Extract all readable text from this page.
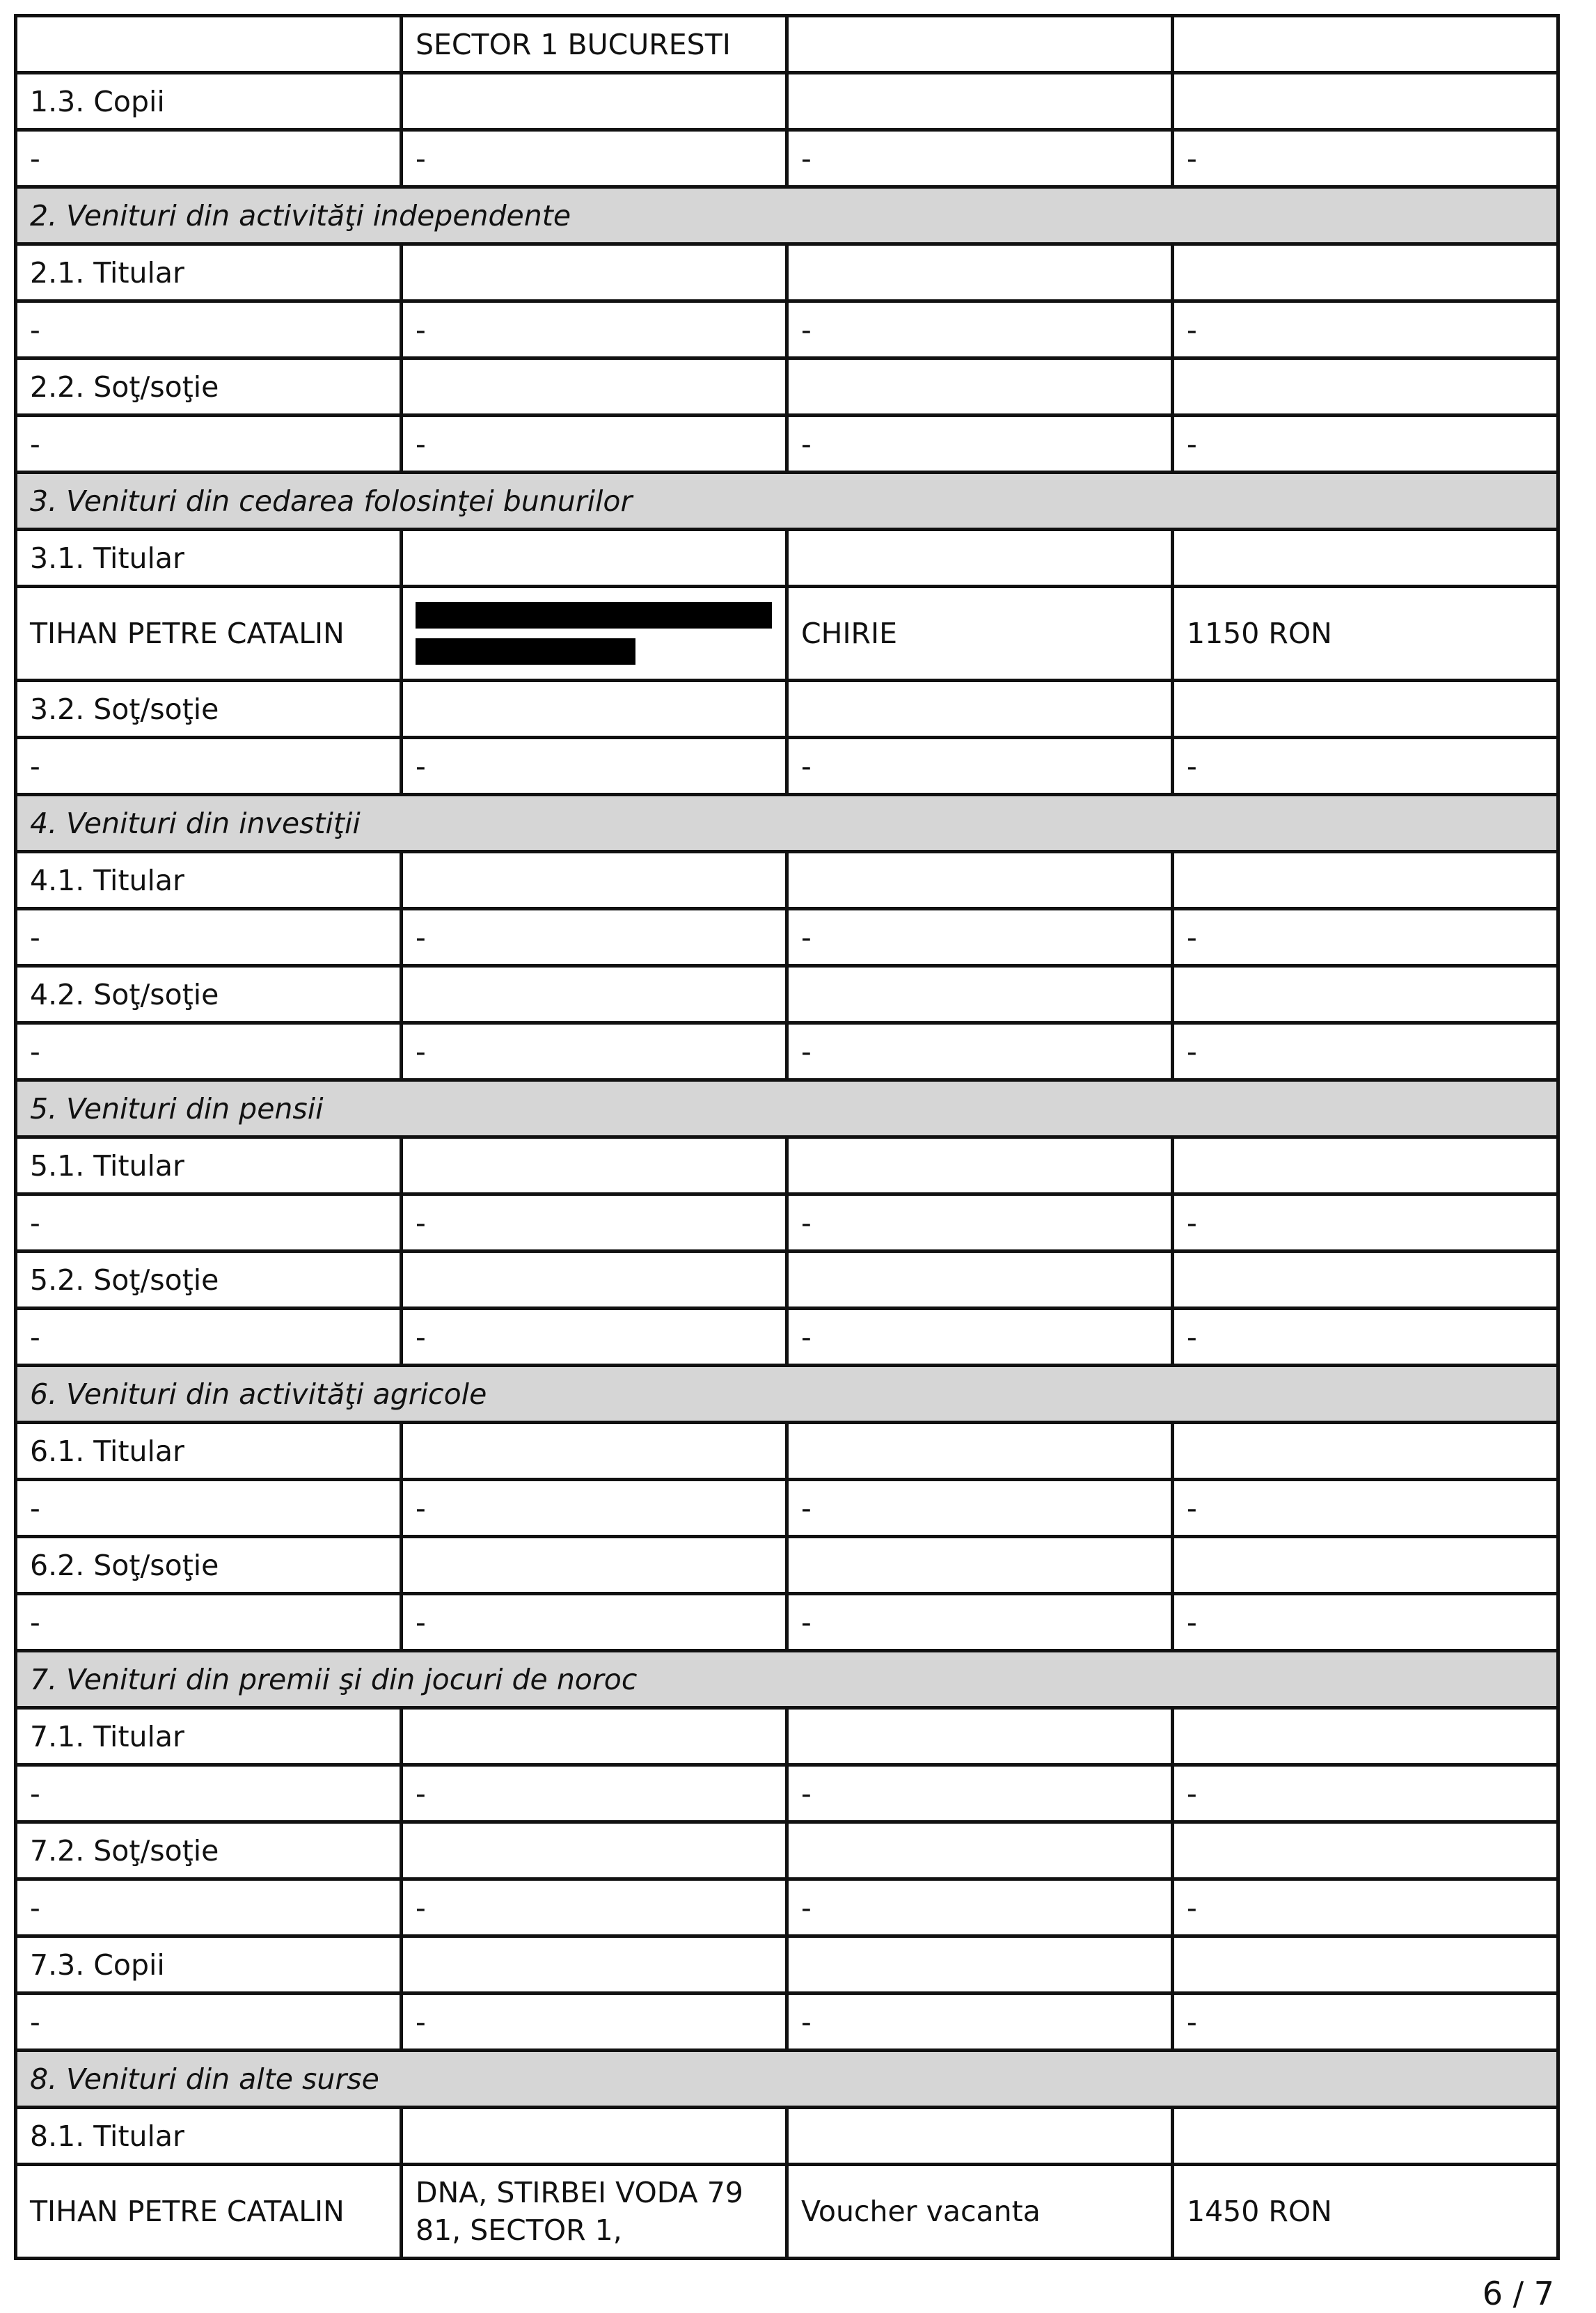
	SECTOR 1 BUCURESTI		
1.3. Copii			
-	-	-	-
2. Venituri din activităţi independente			
2.1. Titular			
-	-	-	-
2.2. Soţ/soţie			
-	-	-	-
3. Venituri din cedarea folosinţei bunurilor			
3.1. Titular			
TIHAN PETRE CATALIN		CHIRIE	1150 RON
3.2. Soţ/soţie			
-	-	-	-
4. Venituri din investiţii			
4.1. Titular			
-	-	-	-
4.2. Soţ/soţie			
-	-	-	-
5. Venituri din pensii			
5.1. Titular			
-	-	-	-
5.2. Soţ/soţie			
-	-	-	-
6. Venituri din activităţi agricole			
6.1. Titular			
-	-	-	-
6.2. Soţ/soţie			
-	-	-	-
7. Venituri din premii şi din jocuri de noroc			
7.1. Titular			
-	-	-	-
7.2. Soţ/soţie			
-	-	-	-
7.3. Copii			
-	-	-	-
8. Venituri din alte surse			
8.1. Titular			
TIHAN PETRE CATALIN	DNA, STIRBEI VODA 79 81, SECTOR 1,	Voucher vacanta	1450 RON
6 / 7
